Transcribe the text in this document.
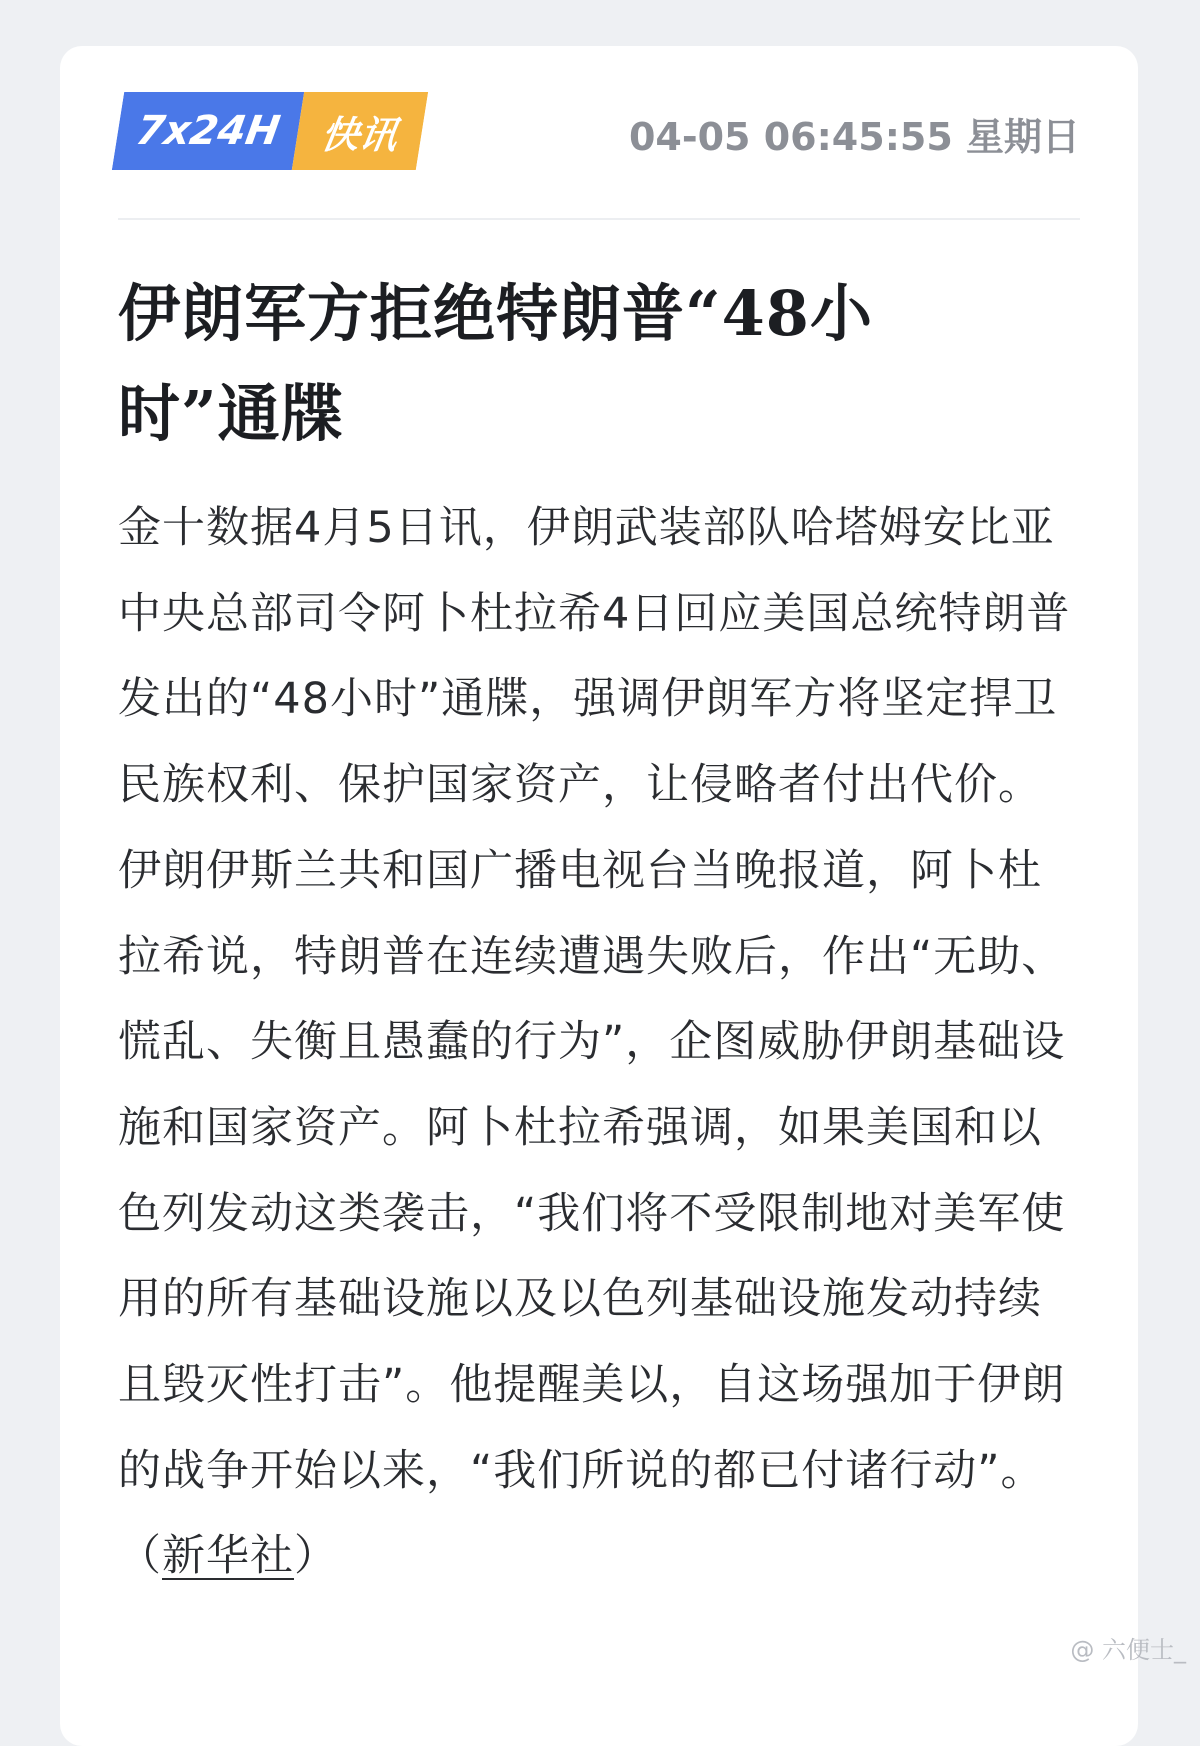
7x24H 快讯	04-05 06:45:55 星期日
伊朗军方拒绝特朗普“48小时”通牒

金十数据4月5日讯，伊朗武装部队哈塔姆安比亚中央总部司令阿卜杜拉希4日回应美国总统特朗普发出的“48小时”通牒，强调伊朗军方将坚定捍卫民族权利、保护国家资产，让侵略者付出代价。伊朗伊斯兰共和国广播电视台当晚报道，阿卜杜拉希说，特朗普在连续遭遇失败后，作出“无助、慌乱、失衡且愚蠢的行为”，企图威胁伊朗基础设施和国家资产。阿卜杜拉希强调，如果美国和以色列发动这类袭击，“我们将不受限制地对美军使用的所有基础设施以及以色列基础设施发动持续且毁灭性打击”。他提醒美以，自这场强加于伊朗的战争开始以来，“我们所说的都已付诸行动”。
（新华社）

@ 六便士_
